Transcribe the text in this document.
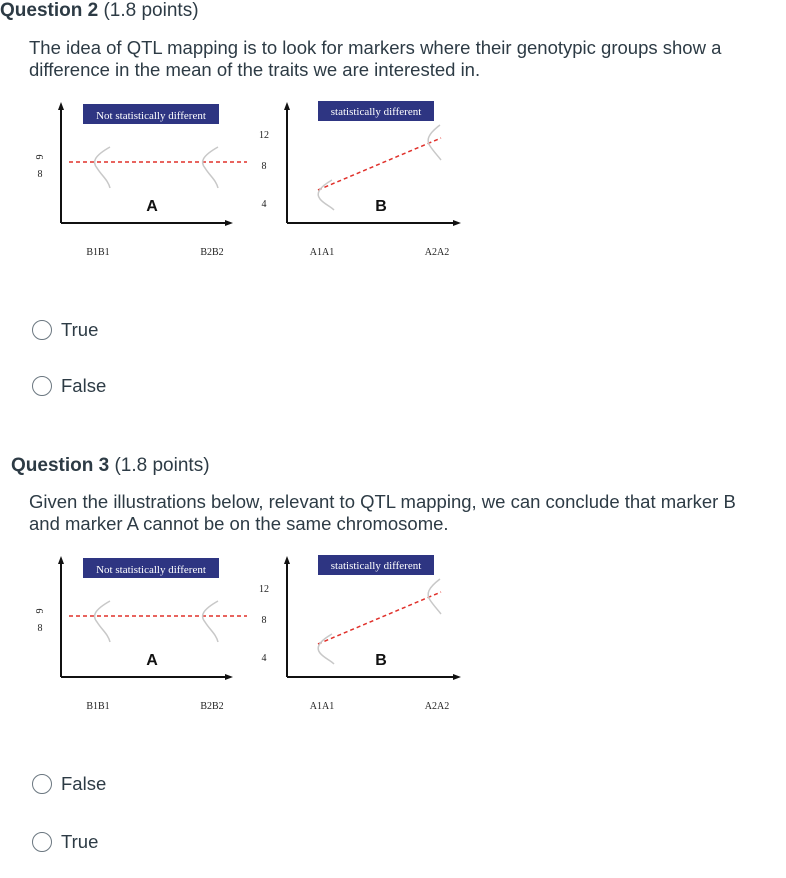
Question 2 (1.8 points)
The idea of QTL mapping is to look for markers where their genotypic groups show a difference in the mean of the traits we are interested in.
Not statistically different
9
8
A
B1B1	B2B2
12
8
4
statistically different
B
A1A1	A2A2
True
False
Question 3 (1.8 points)
Given the illustrations below, relevant to QTL mapping, we can conclude that marker B and marker A cannot be on the same chromosome.
Not statistically different
9
8
A
B1B1	B2B2
12
8
4
statistically different
B
A1A1	A2A2
False
True
